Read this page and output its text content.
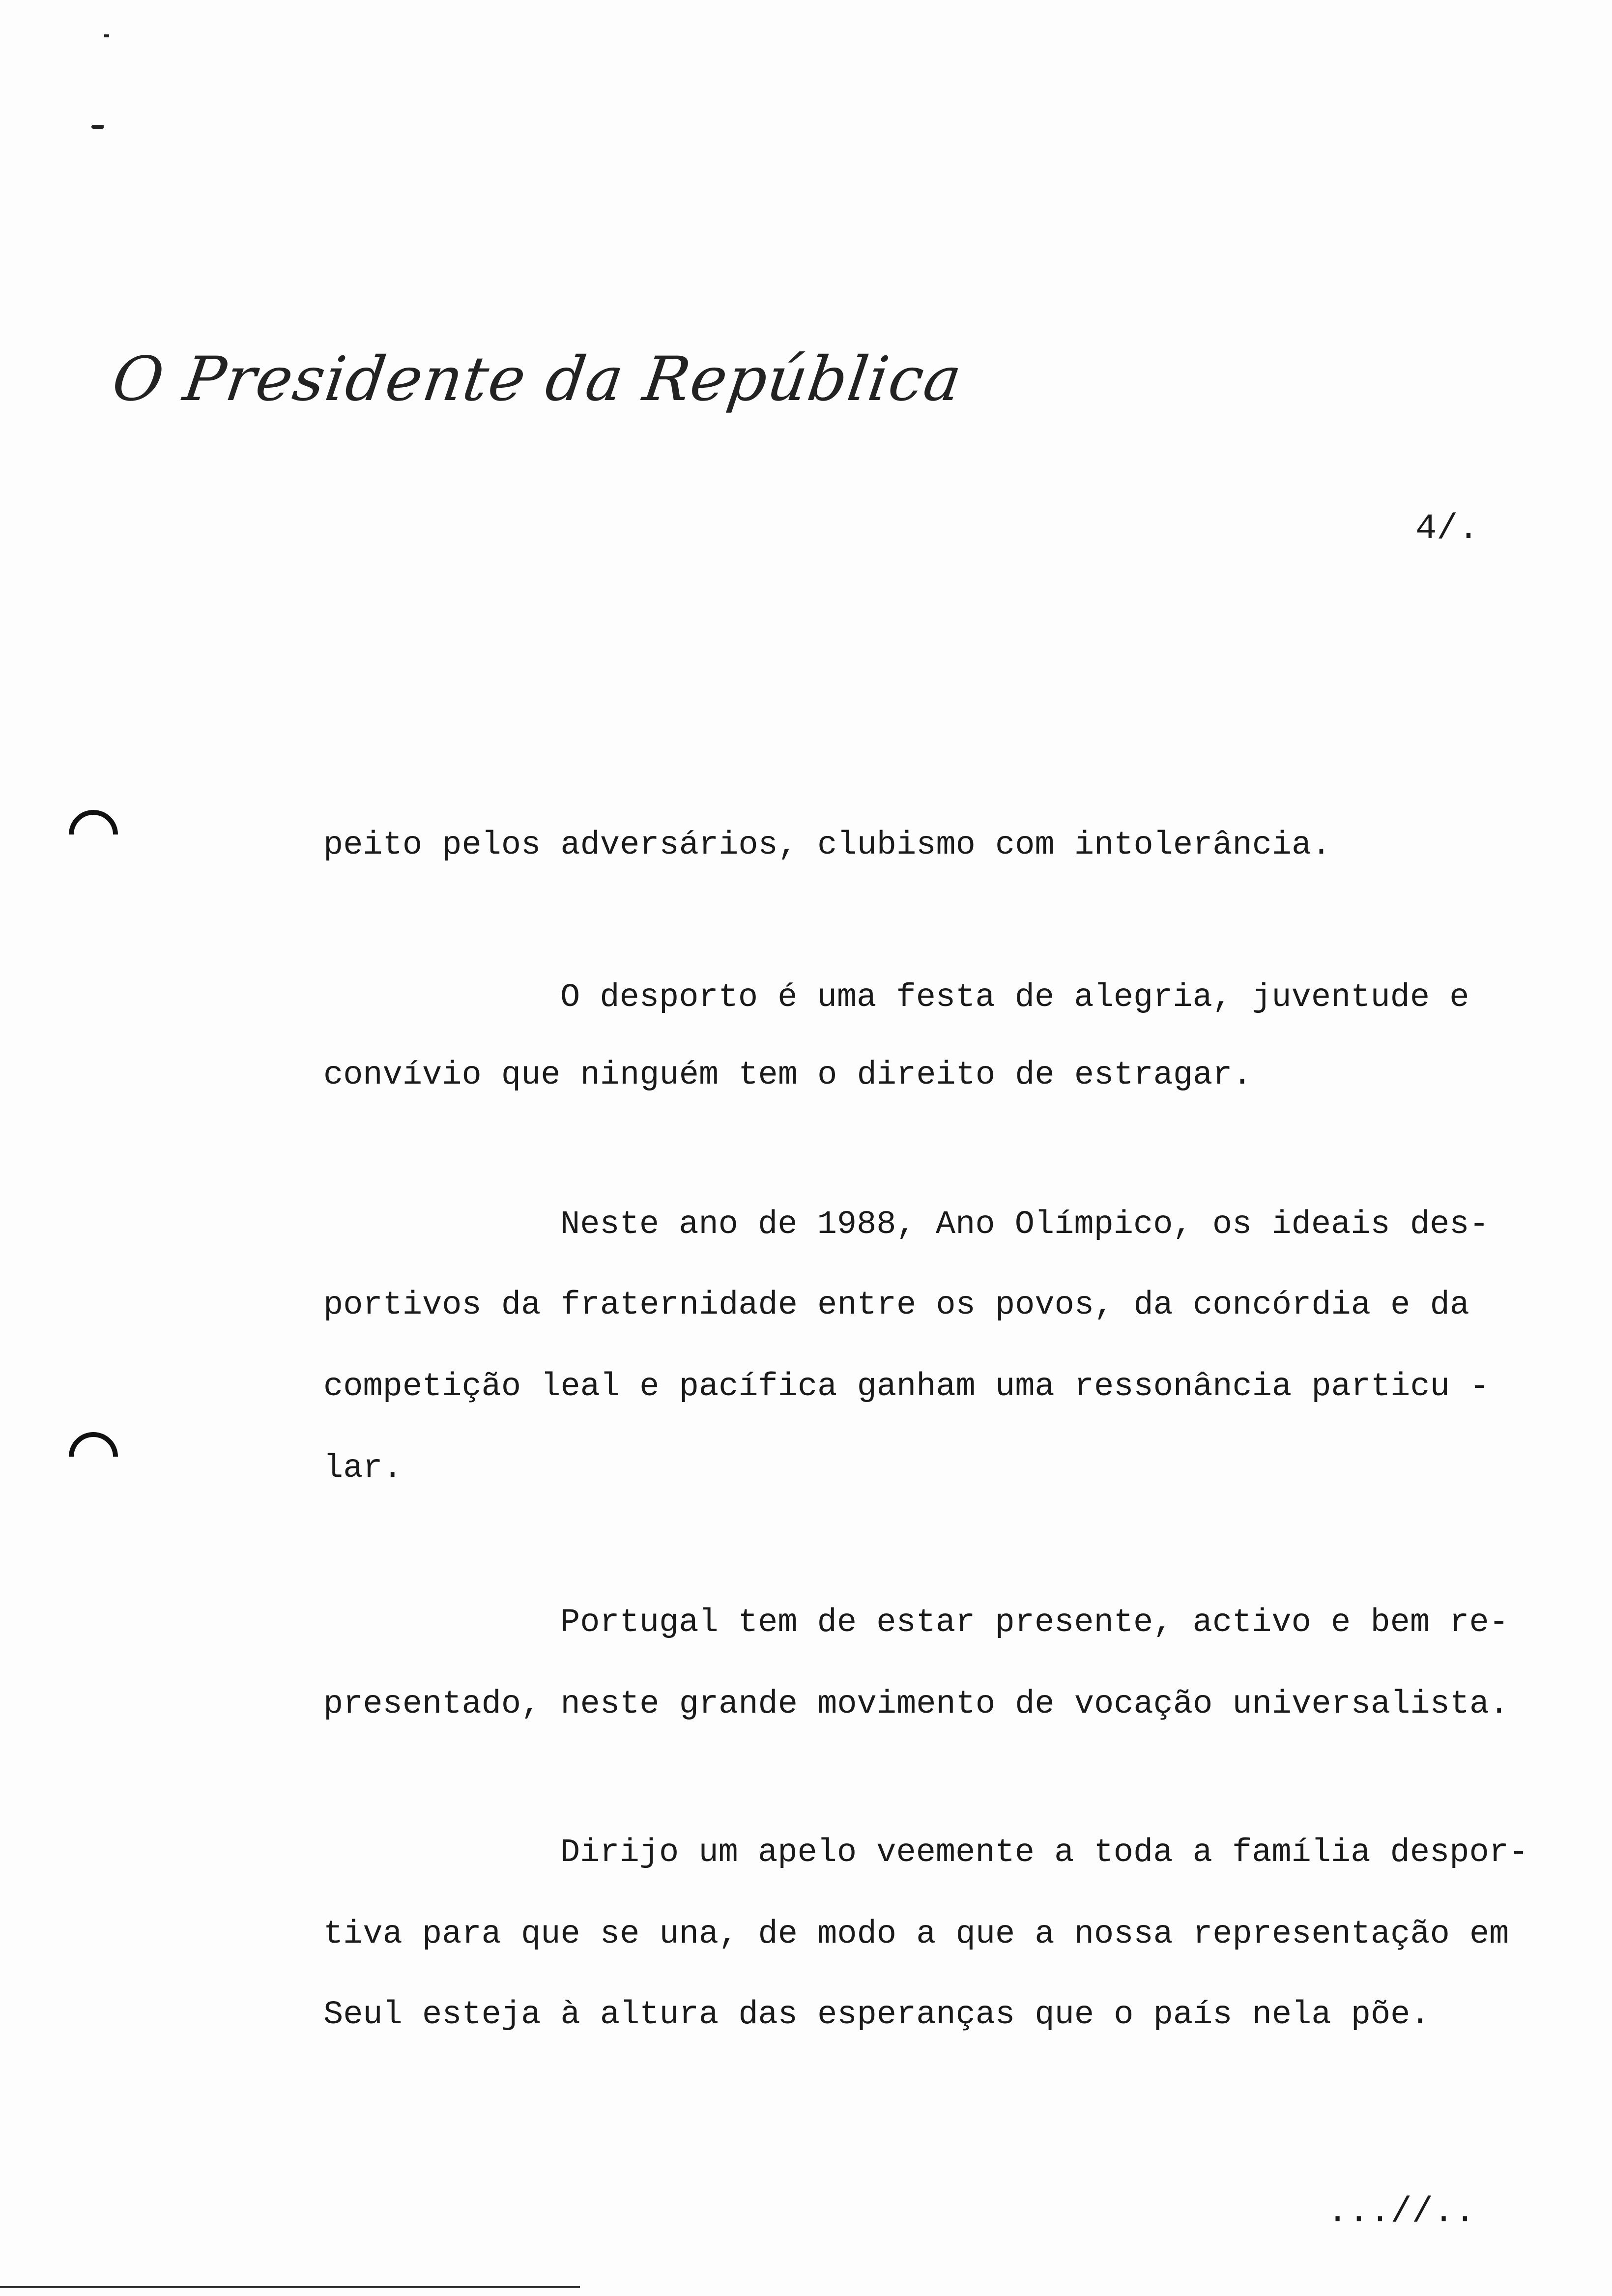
O Presidente da República
4/.
peito pelos adversários, clubismo com intolerância.
O desporto é uma festa de alegria, juventude e
convívio que ninguém tem o direito de estragar.
Neste ano de 1988, Ano Olímpico, os ideais des-
portivos da fraternidade entre os povos, da concórdia e da
competição leal e pacífica ganham uma ressonância particu -
lar.
Portugal tem de estar presente, activo e bem re-
presentado, neste grande movimento de vocação universalista.
Dirijo um apelo veemente a toda a família despor-
tiva para que se una, de modo a que a nossa representação em
Seul esteja à altura das esperanças que o país nela põe.
...//..
